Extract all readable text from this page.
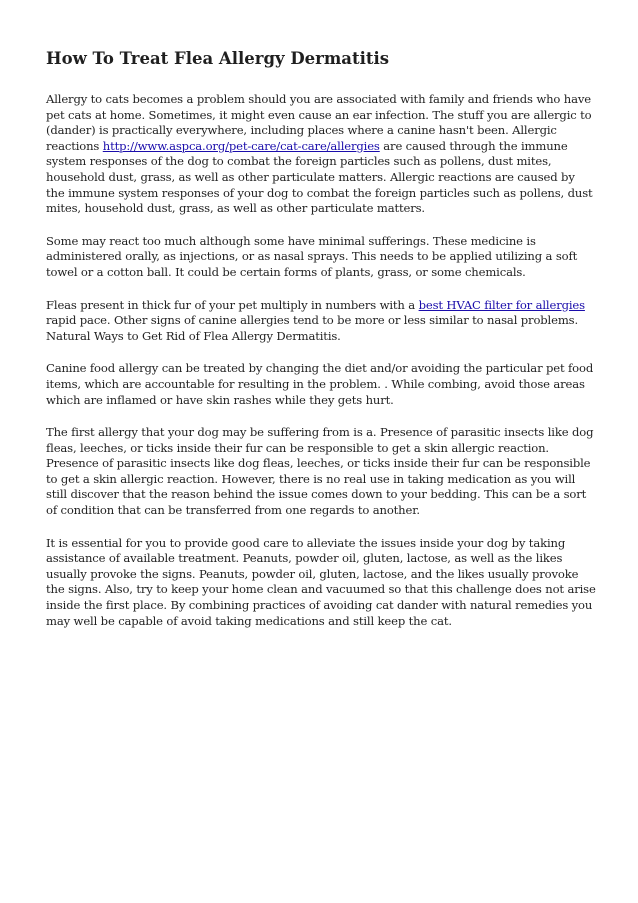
How To Treat Flea Allergy Dermatitis

Allergy to cats becomes a problem should you are associated with family and friends who have pet cats at home. Sometimes, it might even cause an ear infection. The stuff you are allergic to (dander) is practically everywhere, including places where a canine hasn't been. Allergic reactions http://www.aspca.org/pet-care/cat-care/allergies are caused through the immune system responses of the dog to combat the foreign particles such as pollens, dust mites, household dust, grass, as well as other particulate matters. Allergic reactions are caused by the immune system responses of your dog to combat the foreign particles such as pollens, dust mites, household dust, grass, as well as other particulate matters.

Some may react too much although some have minimal sufferings. These medicine is administered orally, as injections, or as nasal sprays. This needs to be applied utilizing a soft towel or a cotton ball. It could be certain forms of plants, grass, or some chemicals.

Fleas present in thick fur of your pet multiply in numbers with a best HVAC filter for allergies rapid pace. Other signs of canine allergies tend to be more or less similar to nasal problems. Natural Ways to Get Rid of Flea Allergy Dermatitis.

Canine food allergy can be treated by changing the diet and/or avoiding the particular pet food items, which are accountable for resulting in the problem. . While combing, avoid those areas which are inflamed or have skin rashes while they gets hurt.

The first allergy that your dog may be suffering from is a. Presence of parasitic insects like dog fleas, leeches, or ticks inside their fur can be responsible to get a skin allergic reaction. Presence of parasitic insects like dog fleas, leeches, or ticks inside their fur can be responsible to get a skin allergic reaction. However, there is no real use in taking medication as you will still discover that the reason behind the issue comes down to your bedding. This can be a sort of condition that can be transferred from one regards to another.

It is essential for you to provide good care to alleviate the issues inside your dog by taking assistance of available treatment. Peanuts, powder oil, gluten, lactose, as well as the likes usually provoke the signs. Peanuts, powder oil, gluten, lactose, and the likes usually provoke the signs. Also, try to keep your home clean and vacuumed so that this challenge does not arise inside the first place. By combining practices of avoiding cat dander with natural remedies you may well be capable of avoid taking medications and still keep the cat.
